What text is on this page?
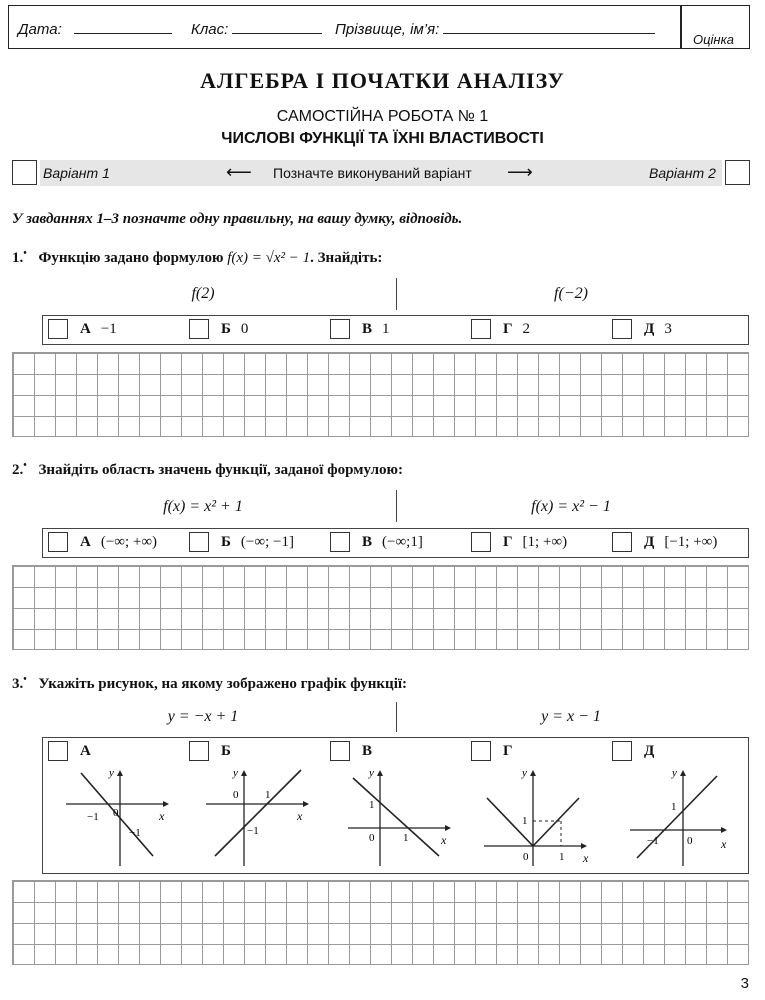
Дата:	Клас:	Прізвище, ім’я:
Оцінка
АЛГЕБРА І ПОЧАТКИ АНАЛІЗУ
САМОСТІЙНА РОБОТА № 1
ЧИСЛОВІ ФУНКЦІЇ ТА ЇХНІ ВЛАСТИВОСТІ
Варіант 1	⟵ Позначте виконуваний варіант ⟶	Варіант 2
У завданнях 1–3 позначте одну правильну, на вашу думку, відповідь.
1.• Функцію задано формулою f(x) = √x² − 1. Знайдіть:
f(2)	f(−2)
А −1	Б 0	В 1	Г 2	Д 3
2.• Знайдіть область значень функції, заданої формулою:
f(x) = x² + 1	f(x) = x² − 1
А (−∞; +∞)	Б (−∞; −1]	В (−∞;1]	Г [1; +∞)	Д [−1; +∞)
3.• Укажіть рисунок, на якому зображено графік функції:
y = −x + 1	y = x − 1
А	Б	В	Г	Д
y
x
0
−1
−1
y
x
0 1
−1
y
x
0
1
1
y
x
0
1
1
y
x
0
1
−1
3
